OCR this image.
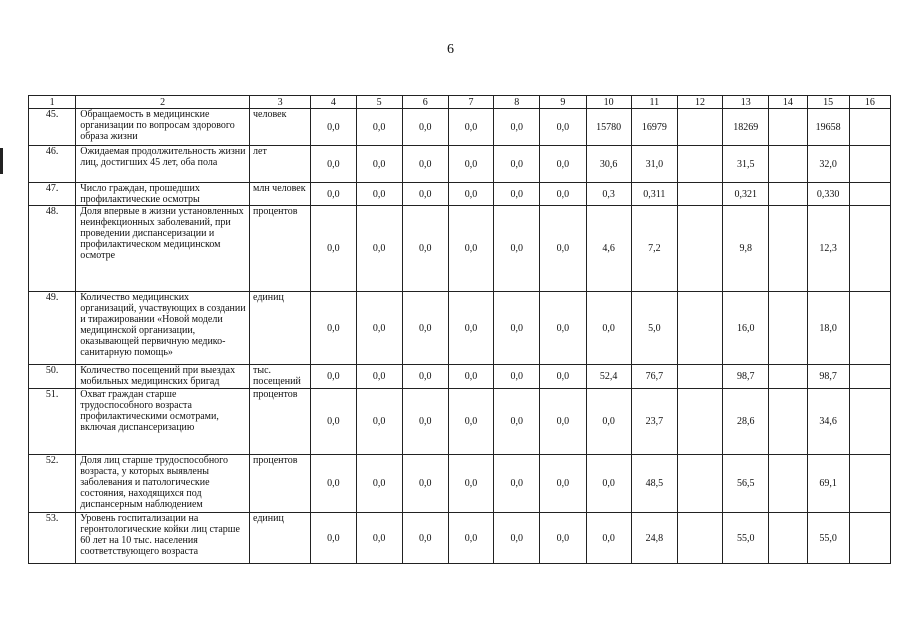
6
1	2	3	4	5	6	7	8	9	10	11	12	13	14	15	16
45.	Обращаемость в медицинские организации по вопросам здорового образа жизни	человек	0,0	0,0	0,0	0,0	0,0	0,0	15780	16979		18269		19658	
46.	Ожидаемая продолжительность жизни лиц, достигших 45 лет, оба пола	лет	0,0	0,0	0,0	0,0	0,0	0,0	30,6	31,0		31,5		32,0	
47.	Число граждан, прошедших профилактические осмотры	млн человек	0,0	0,0	0,0	0,0	0,0	0,0	0,3	0,311		0,321		0,330	
48.	Доля впервые в жизни установленных неинфекционных заболеваний, при проведении диспансеризации и профилактическом медицинском осмотре	процентов	0,0	0,0	0,0	0,0	0,0	0,0	4,6	7,2		9,8		12,3	
49.	Количество медицинских организаций, участвующих в создании и тиражировании «Новой модели медицинской организации, оказывающей первичную медико-санитарную помощь»	единиц	0,0	0,0	0,0	0,0	0,0	0,0	0,0	5,0		16,0		18,0	
50.	Количество посещений при выездах мобильных медицинских бригад	тыс. посещений	0,0	0,0	0,0	0,0	0,0	0,0	52,4	76,7		98,7		98,7	
51.	Охват граждан старше трудоспособного возраста профилактическими осмотрами, включая диспансеризацию	процентов	0,0	0,0	0,0	0,0	0,0	0,0	0,0	23,7		28,6		34,6	
52.	Доля лиц старше трудоспособного возраста, у которых выявлены заболевания и патологические состояния, находящихся под диспансерным наблюдением	процентов	0,0	0,0	0,0	0,0	0,0	0,0	0,0	48,5		56,5		69,1	
53.	Уровень госпитализации на геронтологические койки лиц старше 60 лет на 10 тыс. населения соответствующего возраста	единиц	0,0	0,0	0,0	0,0	0,0	0,0	0,0	24,8		55,0		55,0	
